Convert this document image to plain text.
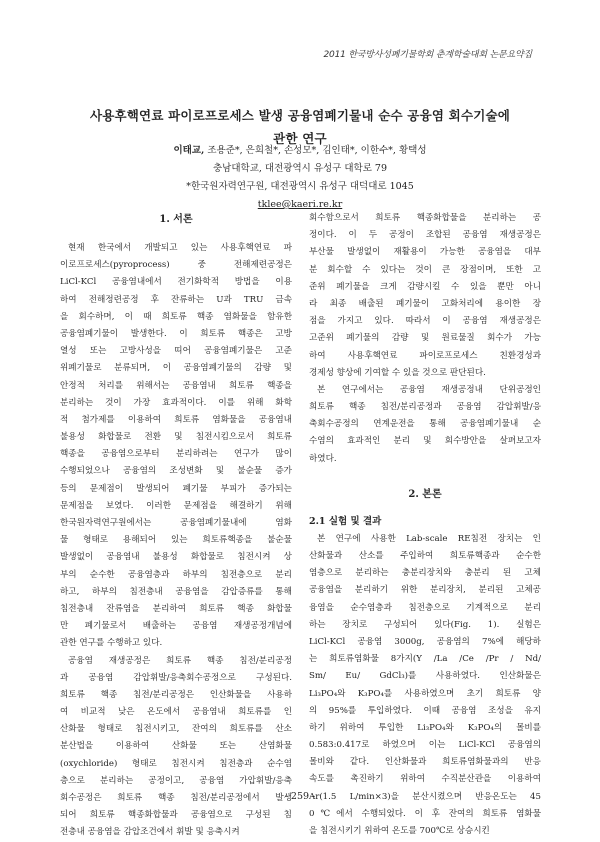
2011 한국방사성폐기물학회 춘계학술대회 논문요약집
사용후핵연료 파이로프로세스 발생 공융염폐기물내 순수 공융염 회수기술에
관한 연구
이태교, 조용준*, 은희철*, 손성모*, 김인태*, 이한수*, 황택성
충남대학교, 대전광역시 유성구 대학로 79
*한국원자력연구원, 대전광역시 유성구 대덕대로 1045
tklee@kaeri.re.kr
1. 서론
현재 한국에서 개발되고 있는 사용후핵연료 파
이로프로세스(pyroprocess) 중 전해제련공정은
LiCl-KCl 공융염내에서 전기화학적 방법을 이용
하여 전해정련공정 후 잔류하는 U과 TRU 금속
을 회수하며, 이 때 희토류 핵종 염화물을 함유한
공융염폐기물이 발생한다. 이 희토류 핵종은 고방
열성 또는 고방사성을 띠어 공융염폐기물은 고준
위폐기물로 분류되며, 이 공융염폐기물의 감량 및
안정적 처리를 위해서는 공융염내 희토류 핵종을
분리하는 것이 가장 효과적이다. 이를 위해 화학
적 첨가제를 이용하여 희토류 염화물을 공융염내
불용성 화합물로 전환 및 침전시킴으로서 희토류
핵종을 공융염으로부터 분리하려는 연구가 많이
수행되었으나 공융염의 조성변화 및 불순물 증가
등의 문제점이 발생되어 폐기물 부피가 증가되는
문제점을 보였다. 이러한 문제점을 해결하기 위해
한국원자력연구원에서는 공융염폐기물내에 염화
물 형태로 용해되어 있는 희토류핵종을 불순물
발생없이 공융염내 불용성 화합물로 침전시켜 상
부의 순수한 공융염층과 하부의 침전층으로 분리
하고, 하부의 침전층내 공융염을 감압증류를 통해
침전층내 잔류염을 분리하여 희토류 핵종 화합물
만 폐기물로서 배출하는 공융염 재생공정개념에
관한 연구를 수행하고 있다.
공융염 재생공정은 희토류 핵종 침전/분리공정
과 공융염 감압휘발/응축회수공정으로 구성된다.
희토류 핵종 침전/분리공정은 인산화물을 사용하
여 비교적 낮은 온도에서 공융염내 희토류를 인
산화물 형태로 침전시키고, 잔여의 희토류를 산소
분산법을 이용하여 산화물 또는 산염화물
(oxychloride) 형태로 침전시켜 침전층과 순수염
층으로 분리하는 공정이고, 공융염 가압휘발/응축
회수공정은 희토류 핵종 침전/분리공정에서 발생
되어 희토류 핵종화합물과 공융염으로 구성된 침
전층내 공융염을 감압조건에서 휘발 및 응축시켜
회수함으로서 희토류 핵종화합물을 분리하는 공
정이다. 이 두 공정이 조합된 공융염 재생공정은
부산물 발생없이 재활용이 가능한 공융염을 대부
분 회수할 수 있다는 것이 큰 장점이며, 또한 고
준위 폐기물을 크게 감량시킬 수 있을 뿐만 아니
라 최종 배출된 폐기물이 고화처리에 용이한 장
점을 가지고 있다. 따라서 이 공융염 재생공정은
고준위 폐기물의 감량 및 원료물질 회수가 가능
하여 사용후핵연료 파이로프로세스 친환경성과
경제성 향상에 기여할 수 있을 것으로 판단된다.
본 연구에서는 공융염 재생공정내 단위공정인
희토류 핵종 침전/분리공정과 공융염 감압휘발/응
축회수공정의 연계운전을 통해 공융염폐기물내 순
수염의 효과적인 분리 및 회수방안을 살펴보고자
하였다.
2. 본론
2.1 실험 및 결과
본 연구에 사용한 Lab-scale RE침전 장치는 인
산화물과 산소를 주입하여 희토류핵종과 순수한
염층으로 분리하는 충분리장치와 충분리 된 고체
공융염을 분리하기 위한 분리장치, 분리된 고체공
융염을 순수염층과 침전층으로 기계적으로 분리
하는 장치로 구성되어 있다(Fig. 1). 실험은
LiCl-KCl 공융염 3000g, 공융염의 7%에 해당하
는 희토류염화물 8가지(Y /La /Ce /Pr / Nd/
Sm/ Eu/ GdCl₃)를 사용하였다. 인산화물은
Li₃PO₄와 K₃PO₄를 사용하였으며 초기 희토류 양
의 95%를 투입하였다. 이때 공융염 조성을 유지
하기 위하여 투입한 Li₃PO₄와 K₃PO₄의 몰비를
0.583:0.417로 하였으며 이는 LiCl-KCl 공융염의
몰비와 같다. 인산화물과 희토류염화물과의 반응
속도를 촉진하기 위하여 수직분산관을 이용하여
Ar(1.5 L/min×3)을 분산시켰으며 반응온도는 45
0℃에서 수행되었다. 이 후 잔여의 희토류 염화물
을 침전시키기 위하여 온도를 700℃로 상승시킨
- 259 -
